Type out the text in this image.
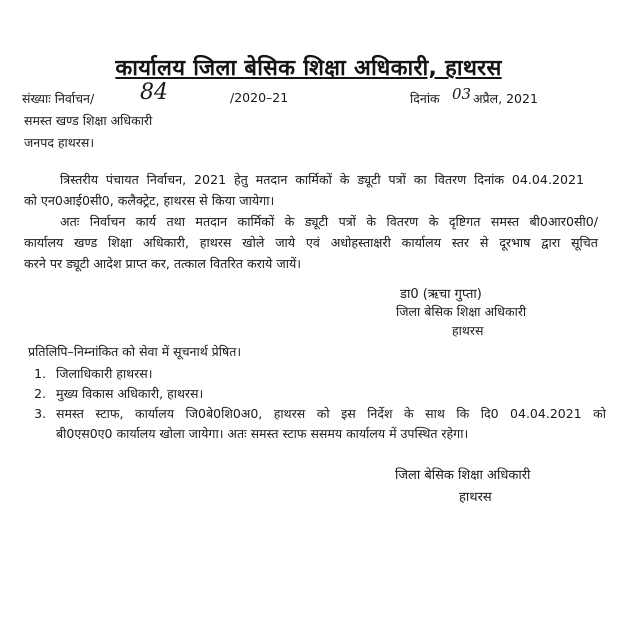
कार्यालय जिला बेसिक शिक्षा अधिकारी, हाथरस
संख्याः निर्वाचन/ 84	/2020–21	दिनांक 03 अप्रैल, 2021
समस्त खण्ड शिक्षा अधिकारी
जनपद हाथरस।
त्रिस्तरीय पंचायत निर्वाचन, 2021 हेतु मतदान कार्मिकों के ड्यूटी पत्रों का वितरण दिनांक 04.04.2021
को एन0आई0सी0, कलैक्ट्रेट, हाथरस से किया जायेगा।
अतः निर्वाचन कार्य तथा मतदान कार्मिकों के ड्यूटी पत्रों के वितरण के दृष्टिगत समस्त बी0आर0सी0/
कार्यालय खण्ड शिक्षा अधिकारी, हाथरस खोले जाये एवं अधोहस्ताक्षरी कार्यालय स्तर से दूरभाष द्वारा सूचित
करने पर ड्यूटी आदेश प्राप्त कर, तत्काल वितरित कराये जायें।
डा0 (ऋचा गुप्ता)
जिला बेसिक शिक्षा अधिकारी
हाथरस
प्रतिलिपि–निम्नांकित को सेवा में सूचनार्थ प्रेषित।
1. जिलाधिकारी हाथरस।
2. मुख्य विकास अधिकारी, हाथरस।
3. समस्त स्टाफ, कार्यालय जि0बे0शि0अ0, हाथरस को इस निर्देश के साथ कि दि0 04.04.2021 को
बी0एस0ए0 कार्यालय खोला जायेगा। अतः समस्त स्टाफ ससमय कार्यालय में उपस्थित रहेगा।
जिला बेसिक शिक्षा अधिकारी
हाथरस
